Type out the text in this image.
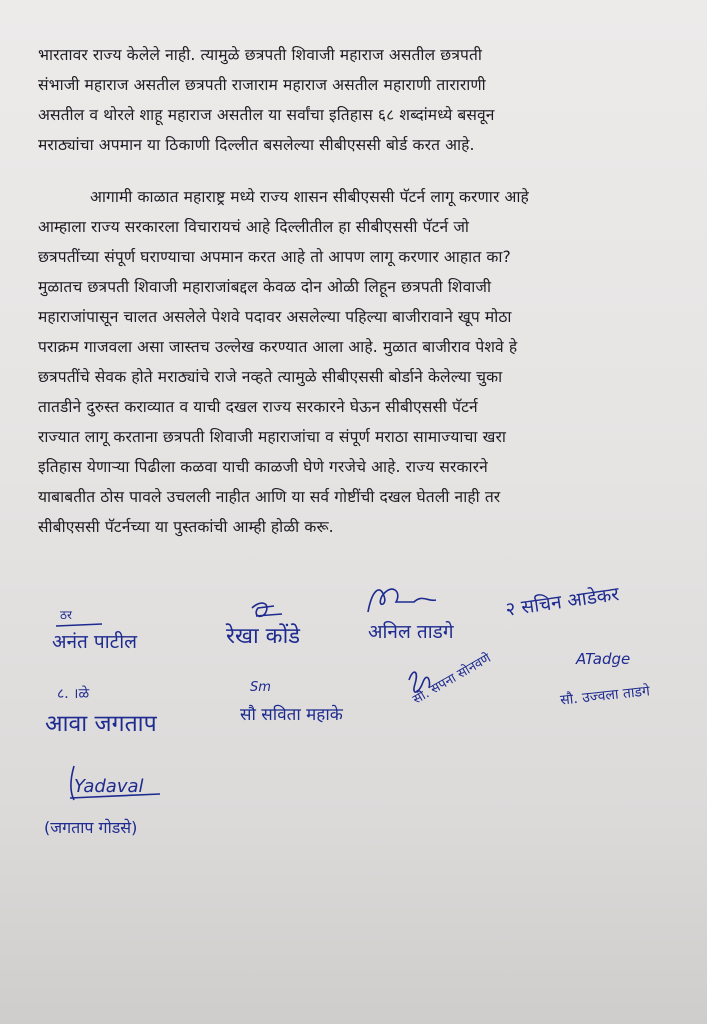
भारतावर राज्य केलेले नाही. त्यामुळे छत्रपती शिवाजी महाराज असतील छत्रपती
संभाजी महाराज असतील छत्रपती राजाराम महाराज असतील महाराणी ताराराणी
असतील व थोरले शाहू महाराज असतील या सर्वांचा इतिहास ६८ शब्दांमध्ये बसवून
मराठ्यांचा अपमान या ठिकाणी दिल्लीत बसलेल्या सीबीएससी बोर्ड करत आहे.
आगामी काळात महाराष्ट्र मध्ये राज्य शासन सीबीएससी पॅटर्न लागू करणार आहे
आम्हाला राज्य सरकारला विचारायचं आहे दिल्लीतील हा सीबीएससी पॅटर्न जो
छत्रपतींच्या संपूर्ण घराण्याचा अपमान करत आहे तो आपण लागू करणार आहात का?
मुळातच छत्रपती शिवाजी महाराजांबद्दल केवळ दोन ओळी लिहून छत्रपती शिवाजी
महाराजांपासून चालत असलेले पेशवे पदावर असलेल्या पहिल्या बाजीरावाने खूप मोठा
पराक्रम गाजवला असा जास्तच उल्लेख करण्यात आला आहे. मुळात बाजीराव पेशवे हे
छत्रपतींचे सेवक होते मराठ्यांचे राजे नव्हते त्यामुळे सीबीएससी बोर्डाने केलेल्या चुका
तातडीने दुरुस्त कराव्यात व याची दखल राज्य सरकारने घेऊन सीबीएससी पॅटर्न
राज्यात लागू करताना छत्रपती शिवाजी महाराजांचा व संपूर्ण मराठा सामाज्याचा खरा
इतिहास येणाऱ्या पिढीला कळवा याची काळजी घेणे गरजेचे आहे. राज्य सरकारने
याबाबतीत ठोस पावले उचलली नाहीत आणि या सर्व गोष्टींची दखल घेतली नाही तर
सीबीएससी पॅटर्नच्या या पुस्तकांची आम्ही होळी करू.
ठर
अनंत पाटील	रेखा कोंडे	अनिल ताडगे
२ सचिन आडेकर
८. ।ळे
आवा जगताप
Sm
सौ सविता महाके
सौ. सपना सोनवणे	ATadge
सौ. उज्वला ताडगे
Yadaval
(जगताप गोडसे)
